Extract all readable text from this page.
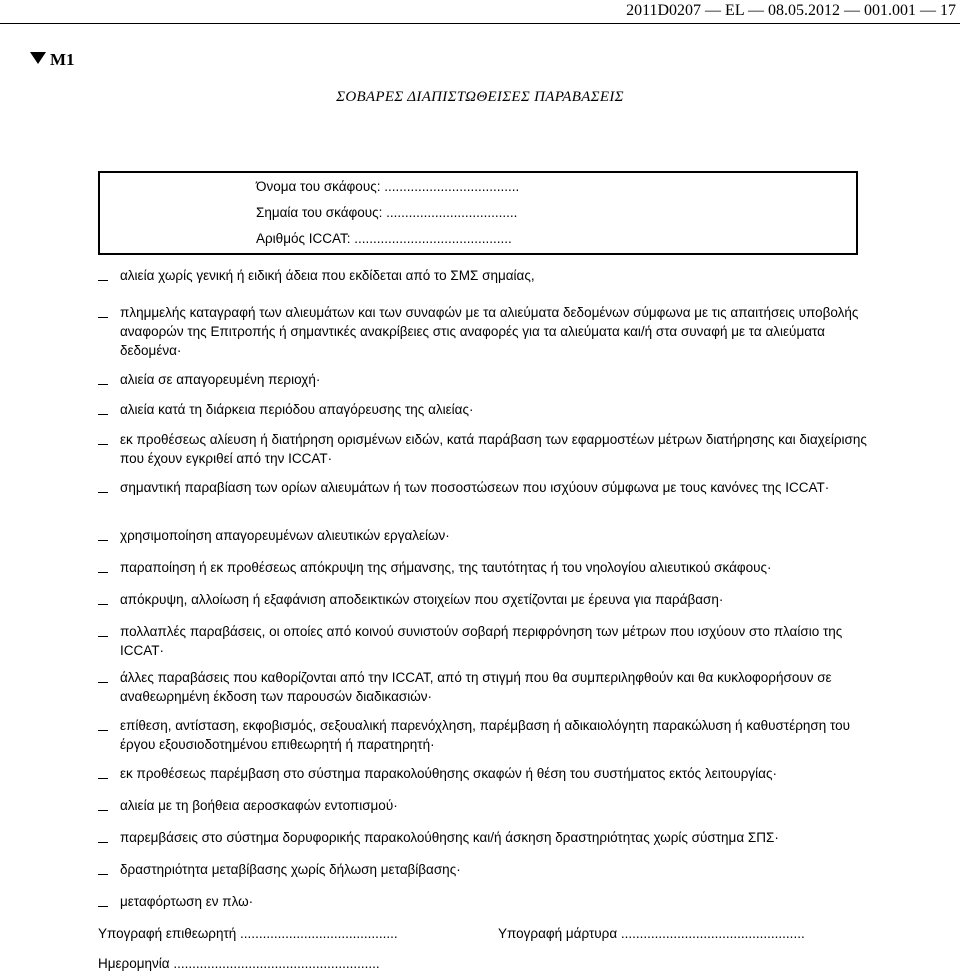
2011D0207 — EL — 08.05.2012 — 001.001 — 17
M1
ΣΟΒΑΡΕΣ ΔΙΑΠΙΣΤΩΘΕΙΣΕΣ ΠΑΡΑΒΑΣΕΙΣ
Όνομα του σκάφους: ....................................
Σημαία του σκάφους: ...................................
Αριθμός ICCAT: ..........................................
αλιεία χωρίς γενική ή ειδική άδεια που εκδίδεται από το ΣΜΣ σημαίας,
πλημμελής καταγραφή των αλιευμάτων και των συναφών με τα αλιεύματα δεδομένων σύμφωνα με τις απαιτήσεις υποβολής αναφορών της Επιτροπής ή σημαντικές ανακρίβειες στις αναφορές για τα αλιεύματα και/ή στα συναφή με τα αλιεύματα δεδομένα·
αλιεία σε απαγορευμένη περιοχή·
αλιεία κατά τη διάρκεια περιόδου απαγόρευσης της αλιείας·
εκ προθέσεως αλίευση ή διατήρηση ορισμένων ειδών, κατά παράβαση των εφαρμοστέων μέτρων διατήρησης και διαχείρισης που έχουν εγκριθεί από την ICCAT·
σημαντική παραβίαση των ορίων αλιευμάτων ή των ποσοστώσεων που ισχύουν σύμφωνα με τους κανόνες της ICCAT·
χρησιμοποίηση απαγορευμένων αλιευτικών εργαλείων·
παραποίηση ή εκ προθέσεως απόκρυψη της σήμανσης, της ταυτότητας ή του νηολογίου αλιευτικού σκάφους·
απόκρυψη, αλλοίωση ή εξαφάνιση αποδεικτικών στοιχείων που σχετίζονται με έρευνα για παράβαση·
πολλαπλές παραβάσεις, οι οποίες από κοινού συνιστούν σοβαρή περιφρόνηση των μέτρων που ισχύουν στο πλαίσιο της ICCAT·
άλλες παραβάσεις που καθορίζονται από την ICCAT, από τη στιγμή που θα συμπεριληφθούν και θα κυκλοφορήσουν σε αναθεωρημένη έκδοση των παρουσών διαδικασιών·
επίθεση, αντίσταση, εκφοβισμός, σεξουαλική παρενόχληση, παρέμβαση ή αδικαιολόγητη παρακώλυση ή καθυστέρηση του έργου εξουσιοδοτημένου επιθεωρητή ή παρατηρητή·
εκ προθέσεως παρέμβαση στο σύστημα παρακολούθησης σκαφών ή θέση του συστήματος εκτός λειτουργίας·
αλιεία με τη βοήθεια αεροσκαφών εντοπισμού·
παρεμβάσεις στο σύστημα δορυφορικής παρακολούθησης και/ή άσκηση δραστηριότητας χωρίς σύστημα ΣΠΣ·
δραστηριότητα μεταβίβασης χωρίς δήλωση μεταβίβασης·
μεταφόρτωση εν πλω·
Υπογραφή επιθεωρητή ..........................................	Υπογραφή μάρτυρα .................................................
Ημερομηνία .......................................................
